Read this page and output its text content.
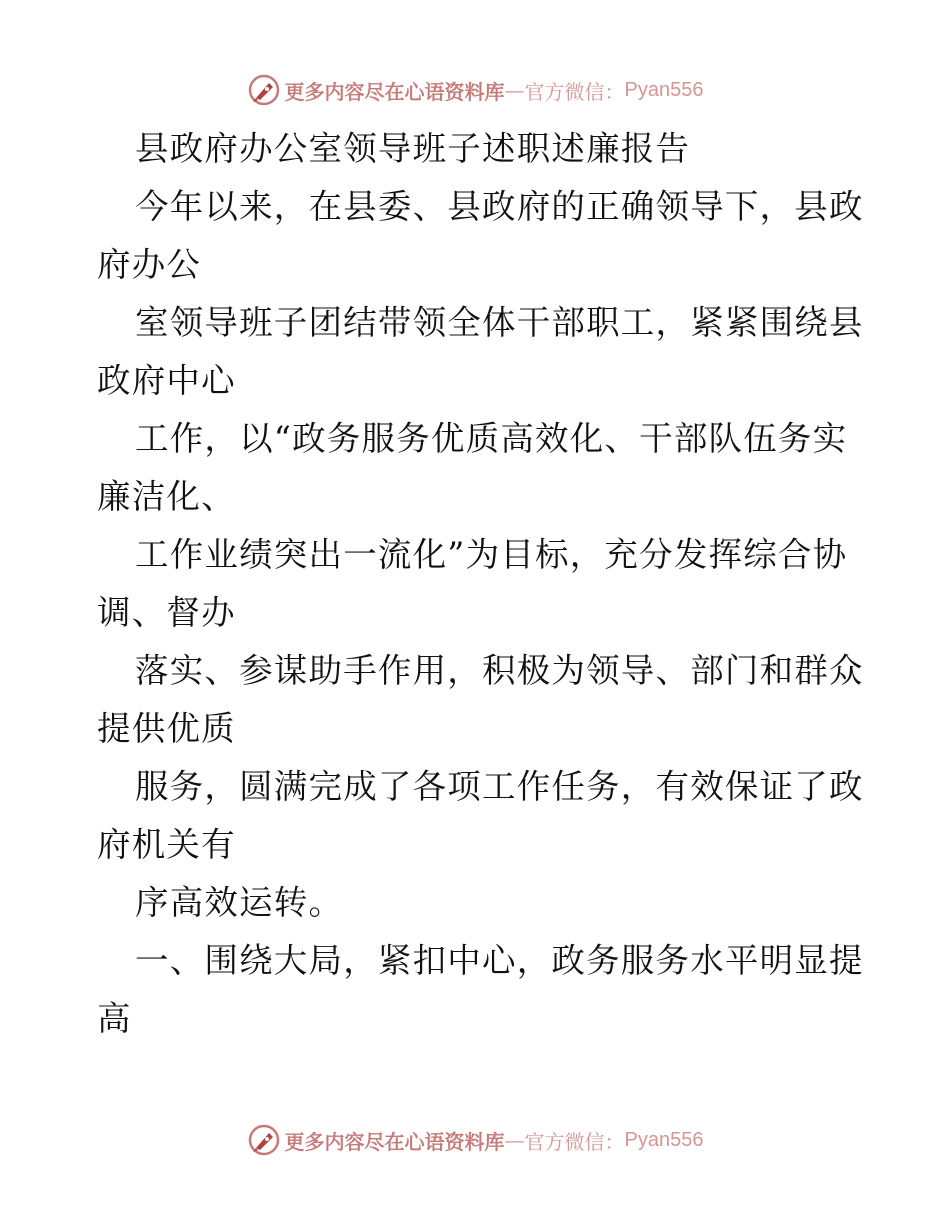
更多内容尽在心语资料库 — 官方微信： Pyan556
县政府办公室领导班子述职述廉报告
今年以来，在县委、县政府的正确领导下，县政
府办公
室领导班子团结带领全体干部职工，紧紧围绕县
政府中心
工作，以“政务服务优质高效化、干部队伍务实
廉洁化、
工作业绩突出一流化”为目标，充分发挥综合协
调、督办
落实、参谋助手作用，积极为领导、部门和群众
提供优质
服务，圆满完成了各项工作任务，有效保证了政
府机关有
序高效运转。
一、围绕大局，紧扣中心，政务服务水平明显提
高
更多内容尽在心语资料库 — 官方微信： Pyan556
